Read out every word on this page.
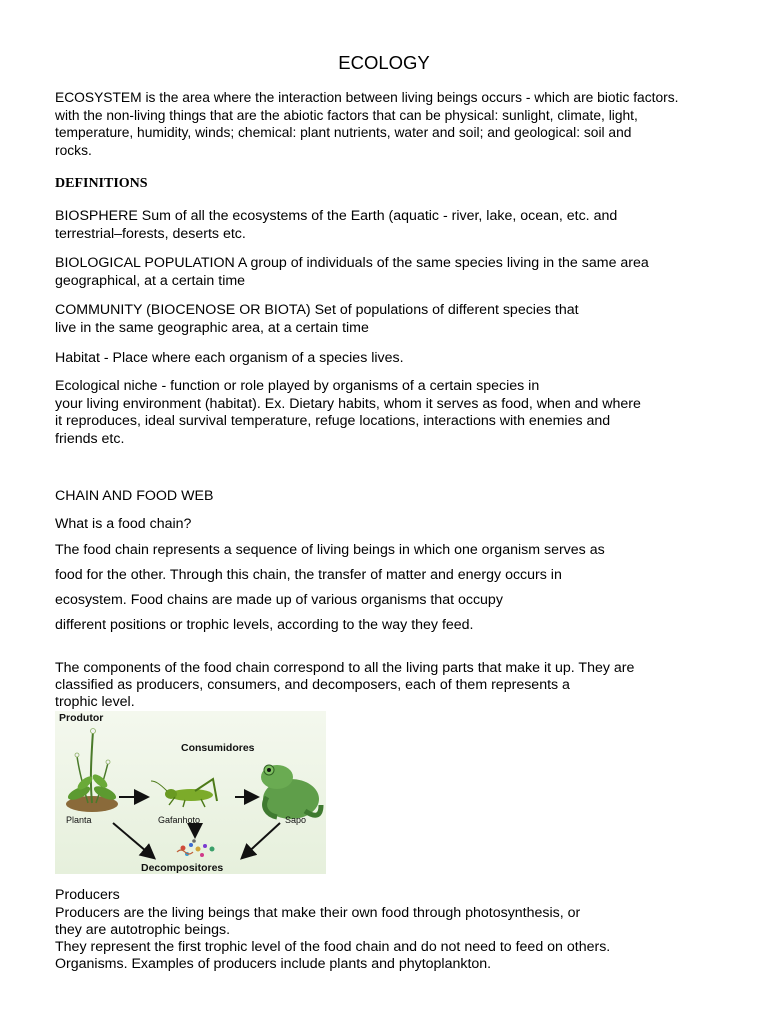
ECOLOGY
ECOSYSTEM is the area where the interaction between living beings occurs - which are biotic factors.
with the non-living things that are the abiotic factors that can be physical: sunlight, climate, light,
temperature, humidity, winds; chemical: plant nutrients, water and soil; and geological: soil and
rocks.
DEFINITIONS
BIOSPHERE Sum of all the ecosystems of the Earth (aquatic - river, lake, ocean, etc. and
terrestrial–forests, deserts etc.
BIOLOGICAL POPULATION A group of individuals of the same species living in the same area
geographical, at a certain time
COMMUNITY (BIOCENOSE OR BIOTA) Set of populations of different species that
live in the same geographic area, at a certain time
Habitat - Place where each organism of a species lives.
Ecological niche - function or role played by organisms of a certain species in
your living environment (habitat). Ex. Dietary habits, whom it serves as food, when and where
it reproduces, ideal survival temperature, refuge locations, interactions with enemies and
friends etc.
CHAIN AND FOOD WEB
What is a food chain?
The food chain represents a sequence of living beings in which one organism serves as
food for the other. Through this chain, the transfer of matter and energy occurs in
ecosystem. Food chains are made up of various organisms that occupy
different positions or trophic levels, according to the way they feed.
The components of the food chain correspond to all the living parts that make it up. They are
classified as producers, consumers, and decomposers, each of them represents a
trophic level.
Produtor
Consumidores
Planta	Gafanhoto	Sapo
Decompositores
Producers
Producers are the living beings that make their own food through photosynthesis, or
they are autotrophic beings.
They represent the first trophic level of the food chain and do not need to feed on others.
Organisms. Examples of producers include plants and phytoplankton.
